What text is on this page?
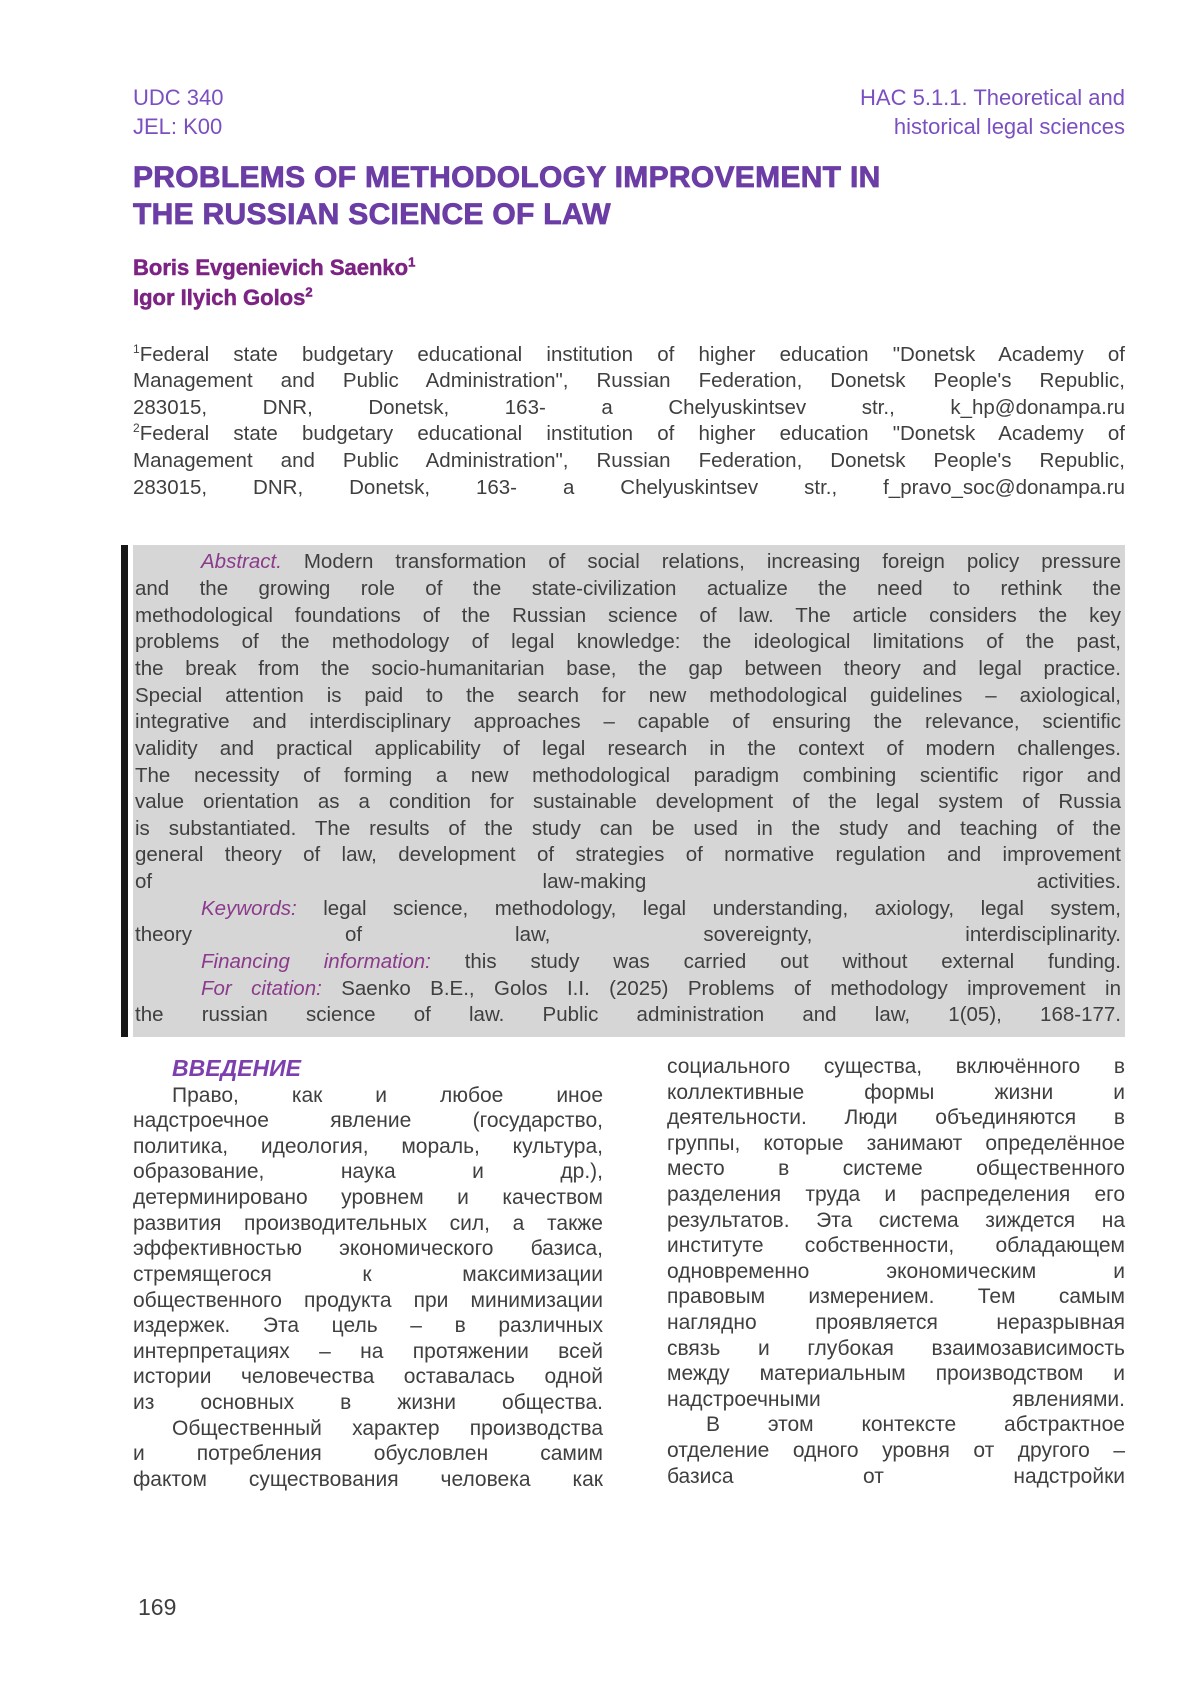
UDC 340
JEL: K00
HAC 5.1.1. Theoretical and
historical legal sciences
PROBLEMS OF METHODOLOGY IMPROVEMENT IN
THE RUSSIAN SCIENCE OF LAW
Boris Evgenievich Saenko$^1$
Igor Ilyich Golos$^2$

$^1$Federal state budgetary educational institution of higher education "Donetsk Academy of Management and Public Administration", Russian Federation, Donetsk People's Republic, 283015, DNR, Donetsk, 163- a Chelyuskintsev str., k_hp@donampa.ru

$^2$Federal state budgetary educational institution of higher education "Donetsk Academy of Management and Public Administration", Russian Federation, Donetsk People's Republic, 283015, DNR, Donetsk, 163- a Chelyuskintsev str., f_pravo_soc@donampa.ru

Abstract. Modern transformation of social relations, increasing foreign policy pressure and the growing role of the state-civilization actualize the need to rethink the methodological foundations of the Russian science of law. The article considers the key problems of the methodology of legal knowledge: the ideological limitations of the past, the break from the socio-humanitarian base, the gap between theory and legal practice. Special attention is paid to the search for new methodological guidelines – axiological, integrative and interdisciplinary approaches – capable of ensuring the relevance, scientific validity and practical applicability of legal research in the context of modern challenges. The necessity of forming a new methodological paradigm combining scientific rigor and value orientation as a condition for sustainable development of the legal system of Russia is substantiated. The results of the study can be used in the study and teaching of the general theory of law, development of strategies of normative regulation and improvement of law-making activities.

Keywords: legal science, methodology, legal understanding, axiology, legal system, theory of law, sovereignty, interdisciplinarity.

Financing information: this study was carried out without external funding.

For citation: Saenko B.E., Golos I.I. (2025) Problems of methodology improvement in the russian science of law. Public administration and law, 1(05), 168-177.

ВВЕДЕНИЕ

Право, как и любое иное надстроечное явление (государство, политика, идеология, мораль, культура, образование, наука и др.), детерминировано уровнем и качеством развития производительных сил, а также эффективностью экономического базиса, стремящегося к максимизации общественного продукта при минимизации издержек. Эта цель – в различных интерпретациях – на протяжении всей истории человечества оставалась одной из основных в жизни общества.

Общественный характер производства и потребления обусловлен самим фактом существования человека как

социального существа, включённого в коллективные формы жизни и деятельности. Люди объединяются в группы, которые занимают определённое место в системе общественного разделения труда и распределения его результатов. Эта система зиждется на институте собственности, обладающем одновременно экономическим и правовым измерением. Тем самым наглядно проявляется неразрывная связь и глубокая взаимозависимость между материальным производством и надстроечными явлениями.

В этом контексте абстрактное отделение одного уровня от другого – базиса от надстройки

169
